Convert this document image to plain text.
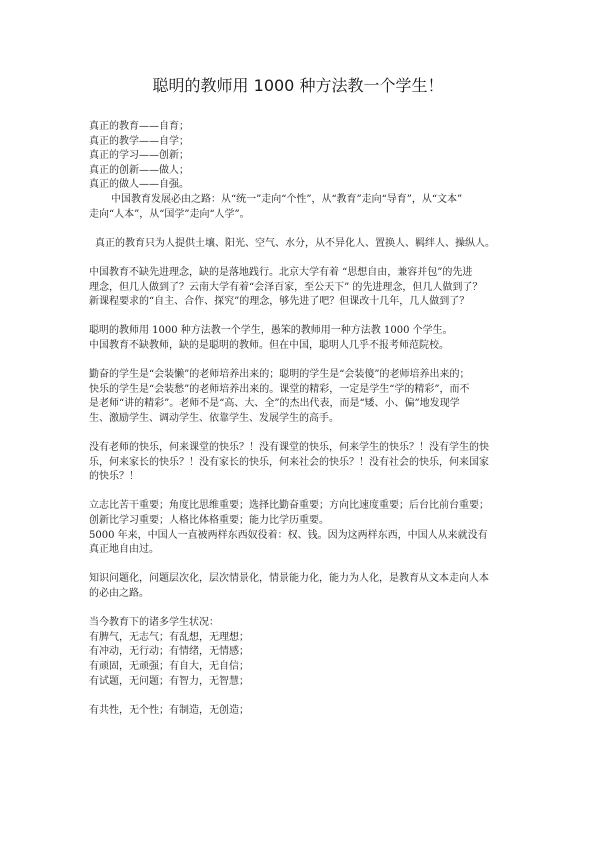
聪明的教师用 1000 种方法教一个学生！
真正的教育——自育；
真正的教学——自学；
真正的学习——创新；
真正的创新——做人；
真正的做人——自强。
中国教育发展必由之路：从“统一”走向“个性”，从“教育”走向“导育”，从“文本”
走向“人本”，从“国学”走向“人学”。
真正的教育只为人提供土壤、阳光、空气、水分，从不异化人、置换人、羁绊人、操纵人。
中国教育不缺先进理念，缺的是落地践行。北京大学有着 “思想自由，兼容并包”的先进
理念，但几人做到了？云南大学有着“会泽百家，至公天下” 的先进理念，但几人做到了？
新课程要求的“自主、合作、探究”的理念，够先进了吧？但课改十几年，几人做到了？
聪明的教师用 1000 种方法教一个学生，愚笨的教师用一种方法教 1000 个学生。
中国教育不缺教师，缺的是聪明的教师。但在中国，聪明人几乎不报考师范院校。
勤奋的学生是“会装懒”的老师培养出来的；聪明的学生是“会装傻”的老师培养出来的；
快乐的学生是“会装愁”的老师培养出来的。课堂的精彩，一定是学生“学的精彩”，而不
是老师“讲的精彩”。老师不是“高、大、全”的杰出代表，而是“矮、小、偏”地发现学
生、激励学生、调动学生、依靠学生、发展学生的高手。
没有老师的快乐，何来课堂的快乐？！没有课堂的快乐，何来学生的快乐？！没有学生的快
乐，何来家长的快乐？！没有家长的快乐，何来社会的快乐？！没有社会的快乐，何来国家
的快乐？！
立志比苦干重要；角度比思维重要；选择比勤奋重要；方向比速度重要；后台比前台重要；
创新比学习重要；人格比体格重要；能力比学历重要。
5000 年来，中国人一直被两样东西奴役着：权、钱。因为这两样东西，中国人从来就没有
真正地自由过。
知识问题化，问题层次化，层次情景化，情景能力化，能力为人化，是教育从文本走向人本
的必由之路。
当今教育下的诸多学生状况：
有脾气，无志气；有乱想，无理想；
有冲动，无行动；有情绪，无情感；
有顽固，无顽强；有自大，无自信；
有试题，无问题；有智力，无智慧；
有共性，无个性；有制造，无创造；
